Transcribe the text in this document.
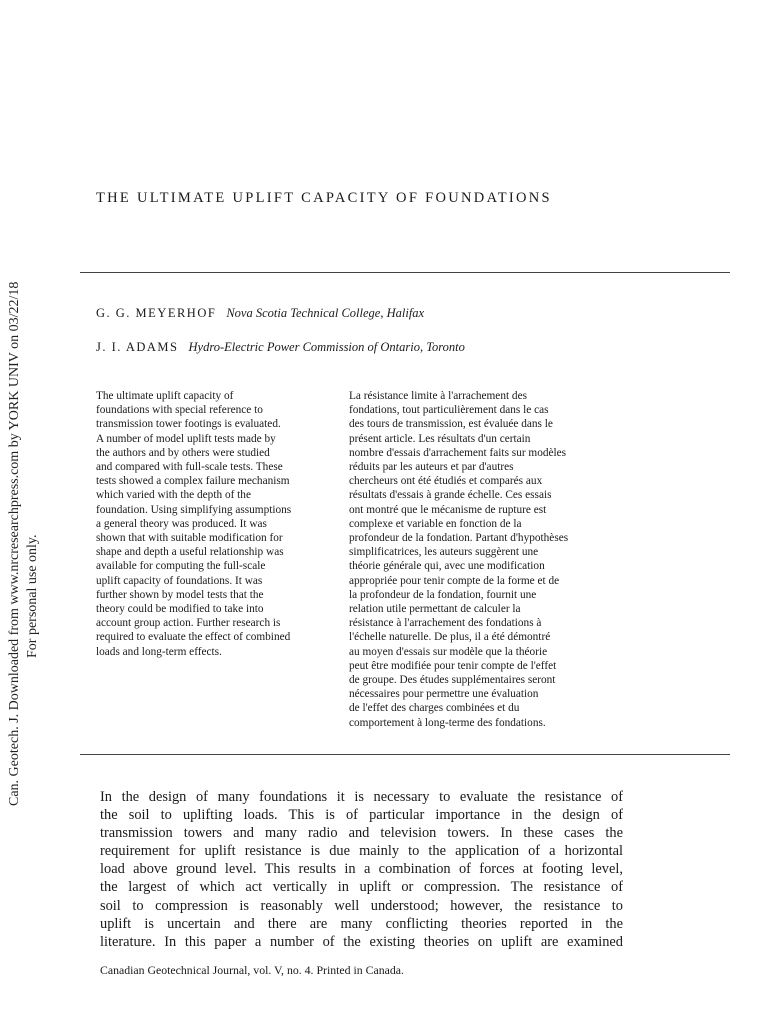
Can. Geotech. J. Downloaded from www.nrcresearchpress.com by YORK UNIV on 03/22/18 For personal use only.
THE ULTIMATE UPLIFT CAPACITY OF FOUNDATIONS
G. G. MEYERHOF Nova Scotia Technical College, Halifax
J. I. ADAMS Hydro-Electric Power Commission of Ontario, Toronto
The ultimate uplift capacity of
foundations with special reference to
transmission tower footings is evaluated.
A number of model uplift tests made by
the authors and by others were studied
and compared with full-scale tests. These
tests showed a complex failure mechanism
which varied with the depth of the
foundation. Using simplifying assumptions
a general theory was produced. It was
shown that with suitable modification for
shape and depth a useful relationship was
available for computing the full-scale
uplift capacity of foundations. It was
further shown by model tests that the
theory could be modified to take into
account group action. Further research is
required to evaluate the effect of combined
loads and long-term effects.
La résistance limite à l'arrachement des
fondations, tout particulièrement dans le cas
des tours de transmission, est évaluée dans le
présent article. Les résultats d'un certain
nombre d'essais d'arrachement faits sur modèles
réduits par les auteurs et par d'autres
chercheurs ont été étudiés et comparés aux
résultats d'essais à grande échelle. Ces essais
ont montré que le mécanisme de rupture est
complexe et variable en fonction de la
profondeur de la fondation. Partant d'hypothèses
simplificatrices, les auteurs suggèrent une
théorie générale qui, avec une modification
appropriée pour tenir compte de la forme et de
la profondeur de la fondation, fournit une
relation utile permettant de calculer la
résistance à l'arrachement des fondations à
l'échelle naturelle. De plus, il a été démontré
au moyen d'essais sur modèle que la théorie
peut être modifiée pour tenir compte de l'effet
de groupe. Des études supplémentaires seront
nécessaires pour permettre une évaluation
de l'effet des charges combinées et du
comportement à long-terme des fondations.
In the design of many foundations it is necessary to evaluate the resistance of
the soil to uplifting loads. This is of particular importance in the design of
transmission towers and many radio and television towers. In these cases the
requirement for uplift resistance is due mainly to the application of a horizontal
load above ground level. This results in a combination of forces at footing level,
the largest of which act vertically in uplift or compression. The resistance of
soil to compression is reasonably well understood; however, the resistance to
uplift is uncertain and there are many conflicting theories reported in the
literature. In this paper a number of the existing theories on uplift are examined
Canadian Geotechnical Journal, vol. V, no. 4. Printed in Canada.
